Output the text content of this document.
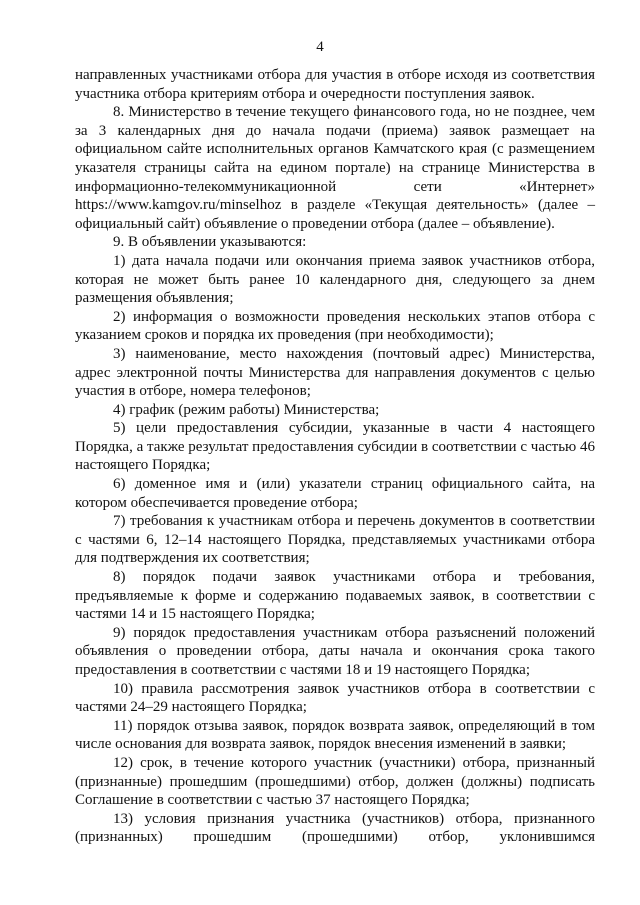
4

направленных участниками отбора для участия в отборе исходя из соответствия участника отбора критериям отбора и очередности поступления заявок.

8. Министерство в течение текущего финансового года, но не позднее, чем за 3 календарных дня до начала подачи (приема) заявок размещает на официальном сайте исполнительных органов Камчатского края (с размещением указателя страницы сайта на едином портале) на странице Министерства в информационно-телекоммуникационной сети «Интернет» https://www.kamgov.ru/minselhoz в разделе «Текущая деятельность» (далее – официальный сайт) объявление о проведении отбора (далее – объявление).

9. В объявлении указываются:

1) дата начала подачи или окончания приема заявок участников отбора, которая не может быть ранее 10 календарного дня, следующего за днем размещения объявления;

2) информация о возможности проведения нескольких этапов отбора с указанием сроков и порядка их проведения (при необходимости);

3) наименование, место нахождения (почтовый адрес) Министерства, адрес электронной почты Министерства для направления документов с целью участия в отборе, номера телефонов;

4) график (режим работы) Министерства;

5) цели предоставления субсидии, указанные в части 4 настоящего Порядка, а также результат предоставления субсидии в соответствии с частью 46 настоящего Порядка;

6) доменное имя и (или) указатели страниц официального сайта, на котором обеспечивается проведение отбора;

7) требования к участникам отбора и перечень документов в соответствии с частями 6, 12–14 настоящего Порядка, представляемых участниками отбора для подтверждения их соответствия;

8) порядок подачи заявок участниками отбора и требования, предъявляемые к форме и содержанию подаваемых заявок, в соответствии с частями 14 и 15 настоящего Порядка;

9) порядок предоставления участникам отбора разъяснений положений объявления о проведении отбора, даты начала и окончания срока такого предоставления в соответствии с частями 18 и 19 настоящего Порядка;

10) правила рассмотрения заявок участников отбора в соответствии с частями 24–29 настоящего Порядка;

11) порядок отзыва заявок, порядок возврата заявок, определяющий в том числе основания для возврата заявок, порядок внесения изменений в заявки;

12) срок, в течение которого участник (участники) отбора, признанный (признанные) прошедшим (прошедшими) отбор, должен (должны) подписать Соглашение в соответствии с частью 37 настоящего Порядка;

13) условия признания участника (участников) отбора, признанного (признанных) прошедшим (прошедшими) отбор, уклонившимся
